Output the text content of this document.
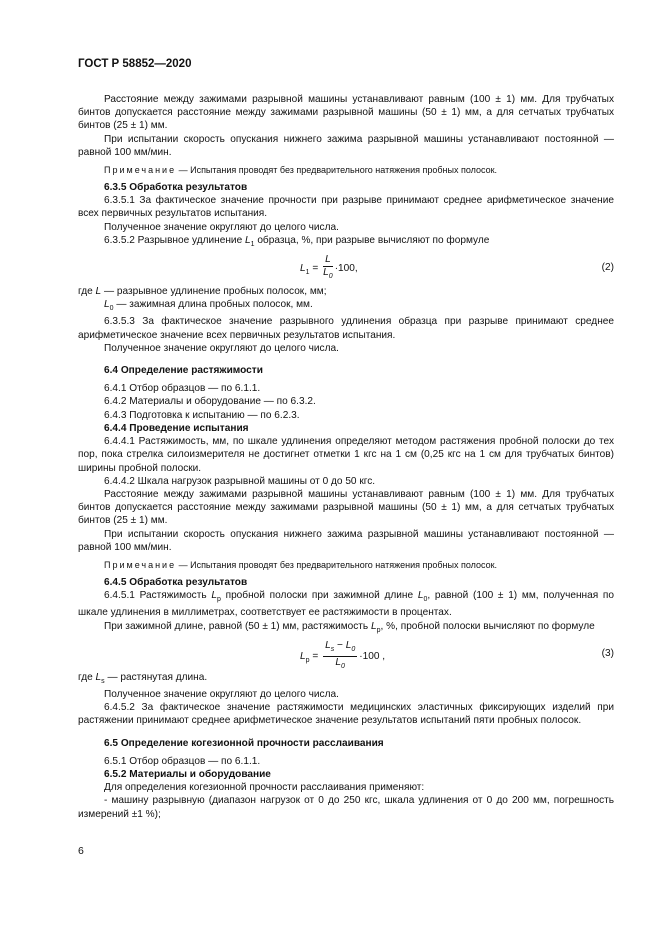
ГОСТ Р 58852—2020

Расстояние между зажимами разрывной машины устанавливают равным (100 ± 1) мм. Для трубчатых бинтов допускается расстояние между зажимами разрывной машины (50 ± 1) мм, а для сетчатых трубчатых бинтов (25 ± 1) мм.

При испытании скорость опускания нижнего зажима разрывной машины устанавливают постоянной — равной 100 мм/мин.

Примечание — Испытания проводят без предварительного натяжения пробных полосок.

6.3.5 Обработка результатов

6.3.5.1 За фактическое значение прочности при разрыве принимают среднее арифметическое значение всех первичных результатов испытания.

Полученное значение округляют до целого числа.

6.3.5.2 Разрывное удлинение $L_1$ образца, %, при разрыве вычисляют по формуле

$L_1 = \frac{L}{L_0} \cdot 100$,	(2)

где L — разрывное удлинение пробных полосок, мм;

$L_0$ — зажимная длина пробных полосок, мм.

6.3.5.3 За фактическое значение разрывного удлинения образца при разрыве принимают среднее арифметическое значение всех первичных результатов испытания.

Полученное значение округляют до целого числа.

6.4 Определение растяжимости

6.4.1 Отбор образцов — по 6.1.1.

6.4.2 Материалы и оборудование — по 6.3.2.

6.4.3 Подготовка к испытанию — по 6.2.3.

6.4.4 Проведение испытания

6.4.4.1 Растяжимость, мм, по шкале удлинения определяют методом растяжения пробной полоски до тех пор, пока стрелка силоизмерителя не достигнет отметки 1 кгс на 1 см (0,25 кгс на 1 см для трубчатых бинтов) ширины пробной полоски.

6.4.4.2 Шкала нагрузок разрывной машины от 0 до 50 кгс.

Расстояние между зажимами разрывной машины устанавливают равным (100 ± 1) мм. Для трубчатых бинтов допускается расстояние между зажимами разрывной машины (50 ± 1) мм, а для сетчатых трубчатых бинтов (25 ± 1) мм.

При испытании скорость опускания нижнего зажима разрывной машины устанавливают постоянной — равной 100 мм/мин.

Примечание — Испытания проводят без предварительного натяжения пробных полосок.

6.4.5 Обработка результатов

6.4.5.1 Растяжимость $L_р$ пробной полоски при зажимной длине $L_0$, равной (100 ± 1) мм, полученная по шкале удлинения в миллиметрах, соответствует ее растяжимости в процентах.

При зажимной длине, равной (50 ± 1) мм, растяжимость $L_р$, %, пробной полоски вычисляют по формуле

$L_р = \frac{L_s - L_0}{L_0} \cdot 100$ ,	(3)

где $L_s$ — растянутая длина.

Полученное значение округляют до целого числа.

6.4.5.2 За фактическое значение растяжимости медицинских эластичных фиксирующих изделий при растяжении принимают среднее арифметическое значение результатов испытаний пяти пробных полосок.

6.5 Определение когезионной прочности расслаивания

6.5.1 Отбор образцов — по 6.1.1.

6.5.2 Материалы и оборудование

Для определения когезионной прочности расслаивания применяют:

- машину разрывную (диапазон нагрузок от 0 до 250 кгс, шкала удлинения от 0 до 200 мм, погрешность измерений ±1 %);

6
